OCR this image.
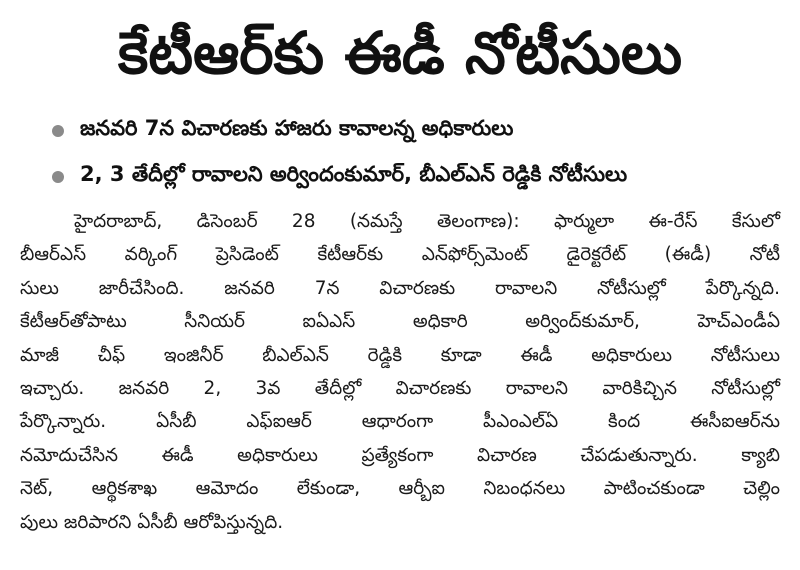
కేటీఆర్‌కు ఈడీ నోటీసులు
జనవరి 7న విచారణకు హాజరు కావాలన్న అధికారులు
2, 3 తేదీల్లో రావాలని అర్విందంకుమార్, బీఎల్ఎన్ రెడ్డికి నోటీసులు
హైదరాబాద్, డిసెంబర్ 28 (నమస్తే తెలంగాణ): ఫార్ములా ఈ-రేస్ కేసులో
బీఆర్ఎస్ వర్కింగ్ ప్రెసిడెంట్ కేటీఆర్‌కు ఎన్‌ఫోర్స్‌మెంట్ డైరెక్టరేట్ (ఈడీ) నోటీ
సులు జారీచేసింది. జనవరి 7న విచారణకు రావాలని నోటీసుల్లో పేర్కొన్నది.
కేటీఆర్‌తోపాటు సీనియర్ ఐఏఎస్ అధికారి అర్వింద్‌కుమార్, హెచ్ఎండీఏ
మాజీ చీఫ్ ఇంజినీర్ బీఎల్ఎన్ రెడ్డికి కూడా ఈడీ అధికారులు నోటీసులు
ఇచ్చారు. జనవరి 2, 3వ తేదీల్లో విచారణకు రావాలని వారికిచ్చిన నోటీసుల్లో
పేర్కొన్నారు. ఏసీబీ ఎఫ్ఐఆర్ ఆధారంగా పీఎంఎల్ఏ కింద ఈసీఐఆర్‌ను
నమోదుచేసిన ఈడీ అధికారులు ప్రత్యేకంగా విచారణ చేపడుతున్నారు. క్యాబి
నెట్, ఆర్థికశాఖ ఆమోదం లేకుండా, ఆర్బీఐ నిబంధనలు పాటించకుండా చెల్లిం
పులు జరిపారని ఏసీబీ ఆరోపిస్తున్నది.
